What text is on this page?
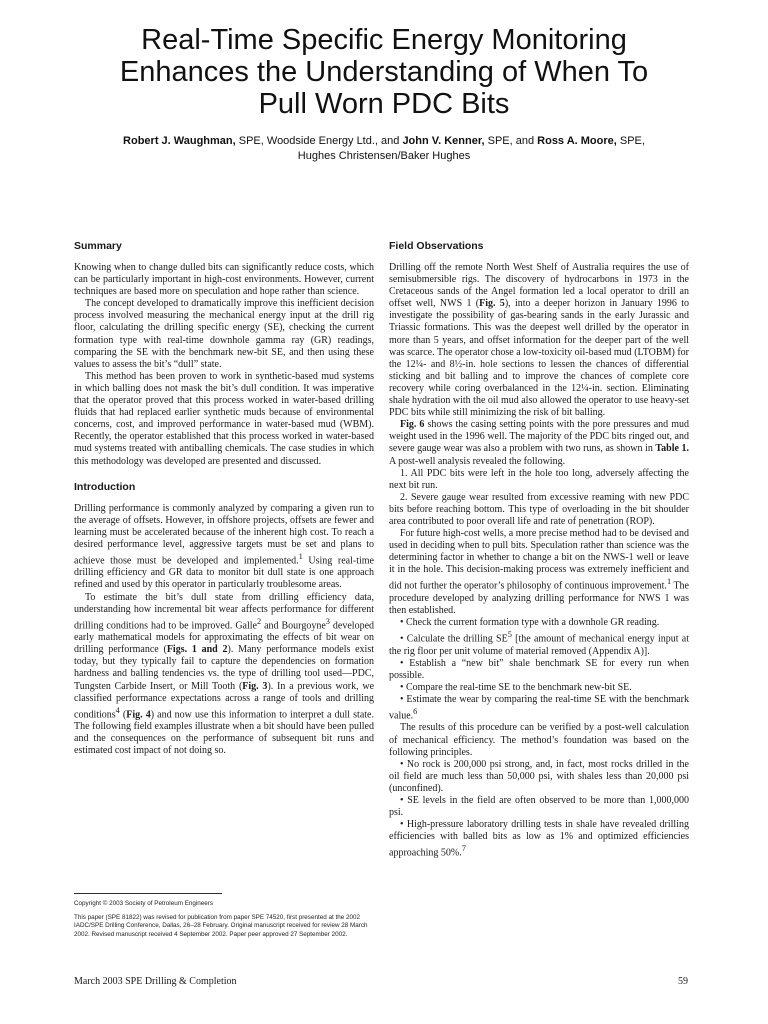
Real-Time Specific Energy Monitoring
Enhances the Understanding of When To
Pull Worn PDC Bits
Robert J. Waughman, SPE, Woodside Energy Ltd., and John V. Kenner, SPE, and Ross A. Moore, SPE,
Hughes Christensen/Baker Hughes
Summary

Knowing when to change dulled bits can significantly reduce costs, which can be particularly important in high-cost environments. However, current techniques are based more on speculation and hope rather than science.

The concept developed to dramatically improve this inefficient decision process involved measuring the mechanical energy input at the drill rig floor, calculating the drilling specific energy (SE), checking the current formation type with real-time downhole gamma ray (GR) readings, comparing the SE with the benchmark new-bit SE, and then using these values to assess the bit’s “dull” state.

This method has been proven to work in synthetic-based mud systems in which balling does not mask the bit’s dull condition. It was imperative that the operator proved that this process worked in water-based drilling fluids that had replaced earlier synthetic muds because of environmental concerns, cost, and improved performance in water-based mud (WBM). Recently, the operator established that this process worked in water-based mud systems treated with antiballing chemicals. The case studies in which this methodology was developed are presented and discussed.

Introduction

Drilling performance is commonly analyzed by comparing a given run to the average of offsets. However, in offshore projects, offsets are fewer and learning must be accelerated because of the inherent high cost. To reach a desired performance level, aggressive targets must be set and plans to achieve those must be developed and implemented.$^1$ Using real-time drilling efficiency and GR data to monitor bit dull state is one approach refined and used by this operator in particularly troublesome areas.

To estimate the bit’s dull state from drilling efficiency data, understanding how incremental bit wear affects performance for different drilling conditions had to be improved. Galle$^2$ and Bourgoyne$^3$ developed early mathematical models for approximating the effects of bit wear on drilling performance (Figs. 1 and 2). Many performance models exist today, but they typically fail to capture the dependencies on formation hardness and balling tendencies vs. the type of drilling tool used—PDC, Tungsten Carbide Insert, or Mill Tooth (Fig. 3). In a previous work, we classified performance expectations across a range of tools and drilling conditions$^4$ (Fig. 4) and now use this information to interpret a dull state. The following field examples illustrate when a bit should have been pulled and the consequences on the performance of subsequent bit runs and estimated cost impact of not doing so.

Copyright © 2003 Society of Petroleum Engineers

This paper (SPE 81822) was revised for publication from paper SPE 74520, first presented at the 2002 IADC/SPE Drilling Conference, Dallas, 26–28 February. Original manuscript received for review 28 March 2002. Revised manuscript received 4 September 2002. Paper peer approved 27 September 2002.

Field Observations

Drilling off the remote North West Shelf of Australia requires the use of semisubmersible rigs. The discovery of hydrocarbons in 1973 in the Cretaceous sands of the Angel formation led a local operator to drill an offset well, NWS 1 (Fig. 5), into a deeper horizon in January 1996 to investigate the possibility of gas-bearing sands in the early Jurassic and Triassic formations. This was the deepest well drilled by the operator in more than 5 years, and offset information for the deeper part of the well was scarce. The operator chose a low-toxicity oil-based mud (LTOBM) for the 12¼- and 8½-in. hole sections to lessen the chances of differential sticking and bit balling and to improve the chances of complete core recovery while coring overbalanced in the 12¼-in. section. Eliminating shale hydration with the oil mud also allowed the operator to use heavy-set PDC bits while still minimizing the risk of bit balling.

Fig. 6 shows the casing setting points with the pore pressures and mud weight used in the 1996 well. The majority of the PDC bits ringed out, and severe gauge wear was also a problem with two runs, as shown in Table 1. A post-well analysis revealed the following.

1. All PDC bits were left in the hole too long, adversely affecting the next bit run.

2. Severe gauge wear resulted from excessive reaming with new PDC bits before reaching bottom. This type of overloading in the bit shoulder area contributed to poor overall life and rate of penetration (ROP).

For future high-cost wells, a more precise method had to be devised and used in deciding when to pull bits. Speculation rather than science was the determining factor in whether to change a bit on the NWS-1 well or leave it in the hole. This decision-making process was extremely inefficient and did not further the operator’s philosophy of continuous improvement.$^1$ The procedure developed by analyzing drilling performance for NWS 1 was then established.

• Check the current formation type with a downhole GR reading.

• Calculate the drilling $SE^5$ [the amount of mechanical energy input at the rig floor per unit volume of material removed (Appendix A)].

• Establish a “new bit” shale benchmark SE for every run when possible.

• Compare the real-time SE to the benchmark new-bit SE.

• Estimate the wear by comparing the real-time SE with the benchmark value.$^6$

The results of this procedure can be verified by a post-well calculation of mechanical efficiency. The method’s foundation was based on the following principles.

• No rock is 200,000 psi strong, and, in fact, most rocks drilled in the oil field are much less than 50,000 psi, with shales less than 20,000 psi (unconfined).

• SE levels in the field are often observed to be more than 1,000,000 psi.

• High-pressure laboratory drilling tests in shale have revealed drilling efficiencies with balled bits as low as 1% and optimized efficiencies approaching 50%.$^7$

March 2003 SPE Drilling & Completion	59
